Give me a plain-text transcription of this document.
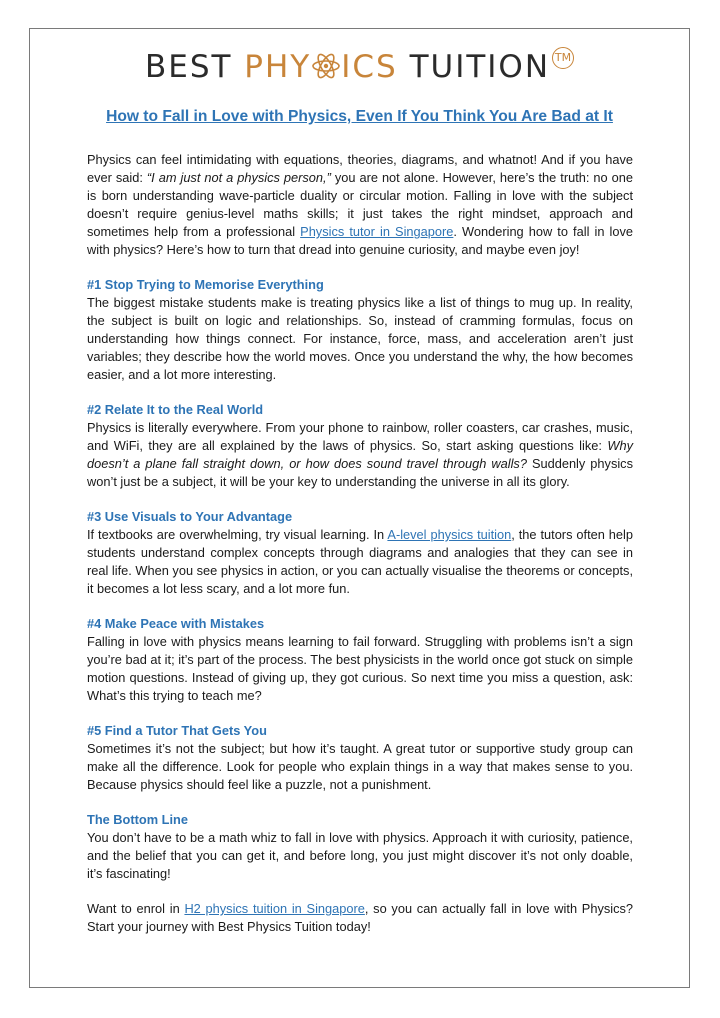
BEST PHY ICS TUITION TM
How to Fall in Love with Physics, Even If You Think You Are Bad at It

Physics can feel intimidating with equations, theories, diagrams, and whatnot! And if you have ever said: “I am just not a physics person,” you are not alone. However, here’s the truth: no one is born understanding wave-particle duality or circular motion. Falling in love with the subject doesn’t require genius-level maths skills; it just takes the right mindset, approach and sometimes help from a professional Physics tutor in Singapore. Wondering how to fall in love with physics? Here’s how to turn that dread into genuine curiosity, and maybe even joy!

#1 Stop Trying to Memorise Everything
The biggest mistake students make is treating physics like a list of things to mug up. In reality, the subject is built on logic and relationships. So, instead of cramming formulas, focus on understanding how things connect. For instance, force, mass, and acceleration aren’t just variables; they describe how the world moves. Once you understand the why, the how becomes easier, and a lot more interesting.

#2 Relate It to the Real World
Physics is literally everywhere. From your phone to rainbow, roller coasters, car crashes, music, and WiFi, they are all explained by the laws of physics. So, start asking questions like: Why doesn’t a plane fall straight down, or how does sound travel through walls? Suddenly physics won’t just be a subject, it will be your key to understanding the universe in all its glory.

#3 Use Visuals to Your Advantage
If textbooks are overwhelming, try visual learning. In A-level physics tuition, the tutors often help students understand complex concepts through diagrams and analogies that they can see in real life. When you see physics in action, or you can actually visualise the theorems or concepts, it becomes a lot less scary, and a lot more fun.

#4 Make Peace with Mistakes
Falling in love with physics means learning to fail forward. Struggling with problems isn’t a sign you’re bad at it; it’s part of the process. The best physicists in the world once got stuck on simple motion questions. Instead of giving up, they got curious. So next time you miss a question, ask: What’s this trying to teach me?

#5 Find a Tutor That Gets You
Sometimes it’s not the subject; but how it’s taught. A great tutor or supportive study group can make all the difference. Look for people who explain things in a way that makes sense to you. Because physics should feel like a puzzle, not a punishment.

The Bottom Line
You don’t have to be a math whiz to fall in love with physics. Approach it with curiosity, patience, and the belief that you can get it, and before long, you just might discover it’s not only doable, it’s fascinating!

Want to enrol in H2 physics tuition in Singapore, so you can actually fall in love with Physics? Start your journey with Best Physics Tuition today!
